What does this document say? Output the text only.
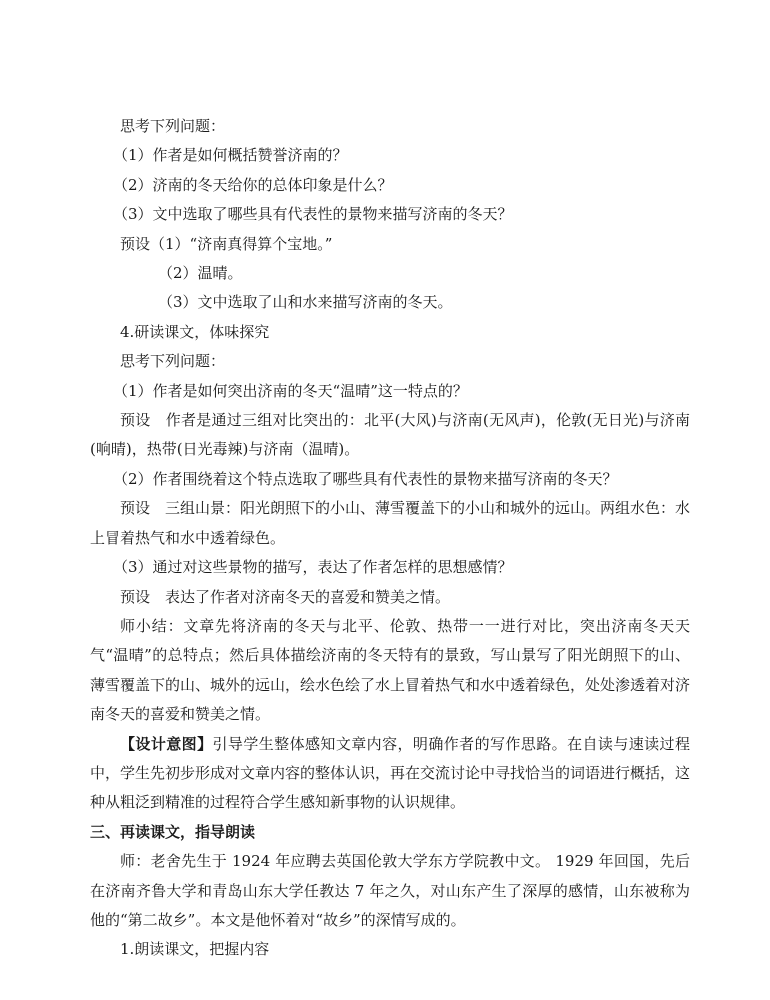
思考下列问题：

（1）作者是如何概括赞誉济南的？

（2）济南的冬天给你的总体印象是什么？

（3）文中选取了哪些具有代表性的景物来描写济南的冬天？

预设（1）“济南真得算个宝地。”

（2）温晴。

（3）文中选取了山和水来描写济南的冬天。

4.研读课文，体味探究

思考下列问题：

（1）作者是如何突出济南的冬天“温晴”这一特点的？

预设　作者是通过三组对比突出的：北平(大风)与济南(无风声)，伦敦(无日光)与济南(响晴)，热带(日光毒辣)与济南（温晴)。

（2）作者围绕着这个特点选取了哪些具有代表性的景物来描写济南的冬天？

预设　三组山景：阳光朗照下的小山、薄雪覆盖下的小山和城外的远山。两组水色：水上冒着热气和水中透着绿色。

（3）通过对这些景物的描写，表达了作者怎样的思想感情？

预设　表达了作者对济南冬天的喜爱和赞美之情。

师小结：文章先将济南的冬天与北平、伦敦、热带一一进行对比，突出济南冬天天气“温晴”的总特点；然后具体描绘济南的冬天特有的景致，写山景写了阳光朗照下的山、薄雪覆盖下的山、城外的远山，绘水色绘了水上冒着热气和水中透着绿色，处处渗透着对济南冬天的喜爱和赞美之情。

【设计意图】引导学生整体感知文章内容，明确作者的写作思路。在自读与速读过程中，学生先初步形成对文章内容的整体认识，再在交流讨论中寻找恰当的词语进行概括，这种从粗泛到精准的过程符合学生感知新事物的认识规律。

三、再读课文，指导朗读

师：老舍先生于 1924 年应聘去英国伦敦大学东方学院教中文。 1929 年回国，先后在济南齐鲁大学和青岛山东大学任教达 7 年之久，对山东产生了深厚的感情，山东被称为他的“第二故乡”。本文是他怀着对“故乡”的深情写成的。

1.朗读课文，把握内容
